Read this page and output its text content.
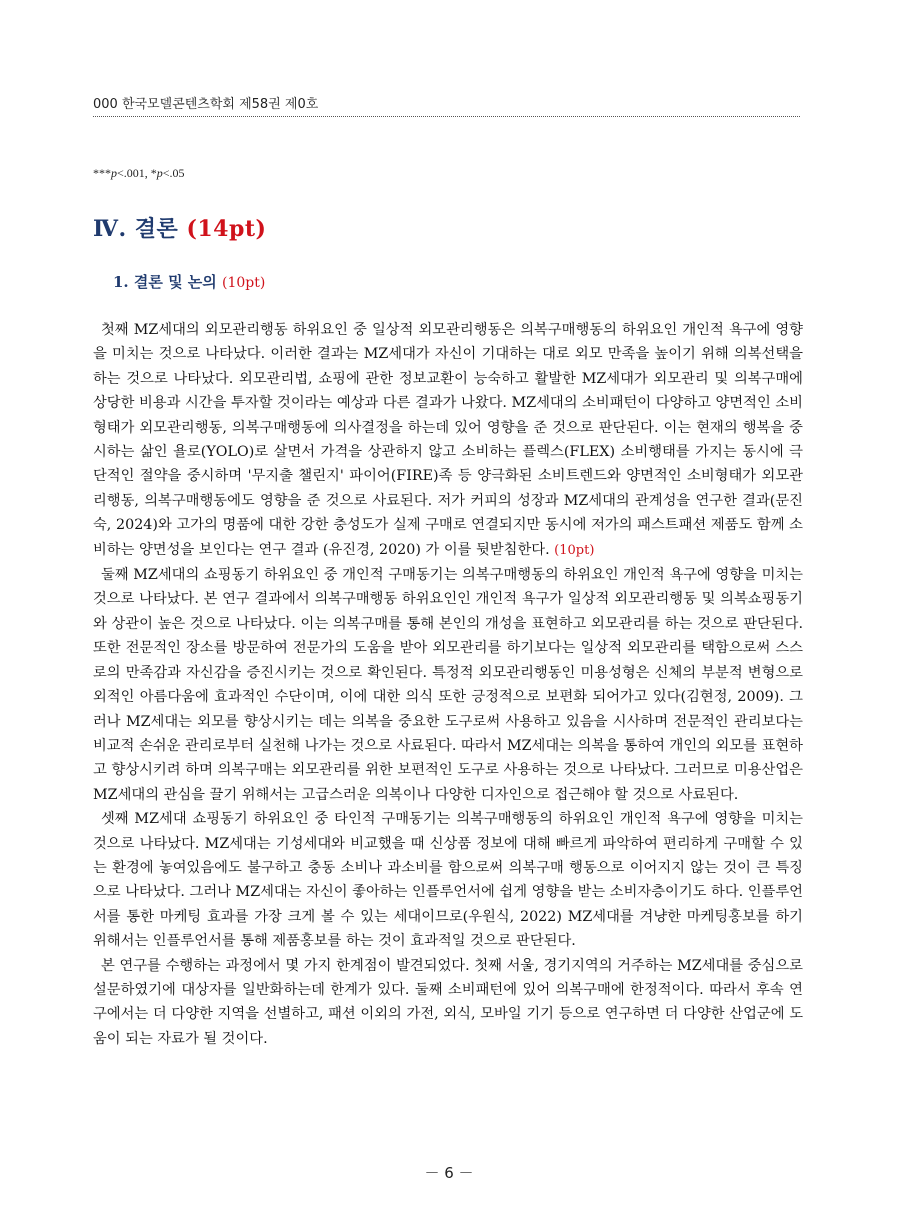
000 한국모델콘텐츠학회 제58권 제0호
***p<.001, *p<.05
Ⅳ. 결론 (14pt)
1. 결론 및 논의 (10pt)

첫째 MZ세대의 외모관리행동 하위요인 중 일상적 외모관리행동은 의복구매행동의 하위요인 개인적 욕구에 영향을 미치는 것으로 나타났다. 이러한 결과는 MZ세대가 자신이 기대하는 대로 외모 만족을 높이기 위해 의복선택을 하는 것으로 나타났다. 외모관리법, 쇼핑에 관한 정보교환이 능숙하고 활발한 MZ세대가 외모관리 및 의복구매에 상당한 비용과 시간을 투자할 것이라는 예상과 다른 결과가 나왔다. MZ세대의 소비패턴이 다양하고 양면적인 소비 형태가 외모관리행동, 의복구매행동에 의사결정을 하는데 있어 영향을 준 것으로 판단된다. 이는 현재의 행복을 중시하는 삶인 욜로(YOLO)로 살면서 가격을 상관하지 않고 소비하는 플렉스(FLEX) 소비행태를 가지는 동시에 극단적인 절약을 중시하며 '무지출 챌린지' 파이어(FIRE)족 등 양극화된 소비트렌드와 양면적인 소비형태가 외모관리행동, 의복구매행동에도 영향을 준 것으로 사료된다. 저가 커피의 성장과 MZ세대의 관계성을 연구한 결과(문진숙, 2024)와 고가의 명품에 대한 강한 충성도가 실제 구매로 연결되지만 동시에 저가의 패스트패션 제품도 함께 소비하는 양면성을 보인다는 연구 결과 (유진경, 2020) 가 이를 뒷받침한다. (10pt)

둘째 MZ세대의 쇼핑동기 하위요인 중 개인적 구매동기는 의복구매행동의 하위요인 개인적 욕구에 영향을 미치는 것으로 나타났다. 본 연구 결과에서 의복구매행동 하위요인인 개인적 욕구가 일상적 외모관리행동 및 의복쇼핑동기와 상관이 높은 것으로 나타났다. 이는 의복구매를 통해 본인의 개성을 표현하고 외모관리를 하는 것으로 판단된다. 또한 전문적인 장소를 방문하여 전문가의 도움을 받아 외모관리를 하기보다는 일상적 외모관리를 택함으로써 스스로의 만족감과 자신감을 증진시키는 것으로 확인된다. 특정적 외모관리행동인 미용성형은 신체의 부분적 변형으로 외적인 아름다움에 효과적인 수단이며, 이에 대한 의식 또한 긍정적으로 보편화 되어가고 있다(김현정, 2009). 그러나 MZ세대는 외모를 향상시키는 데는 의복을 중요한 도구로써 사용하고 있음을 시사하며 전문적인 관리보다는 비교적 손쉬운 관리로부터 실천해 나가는 것으로 사료된다. 따라서 MZ세대는 의복을 통하여 개인의 외모를 표현하고 향상시키려 하며 의복구매는 외모관리를 위한 보편적인 도구로 사용하는 것으로 나타났다. 그러므로 미용산업은 MZ세대의 관심을 끌기 위해서는 고급스러운 의복이나 다양한 디자인으로 접근해야 할 것으로 사료된다.

셋째 MZ세대 쇼핑동기 하위요인 중 타인적 구매동기는 의복구매행동의 하위요인 개인적 욕구에 영향을 미치는 것으로 나타났다. MZ세대는 기성세대와 비교했을 때 신상품 정보에 대해 빠르게 파악하여 편리하게 구매할 수 있는 환경에 놓여있음에도 불구하고 충동 소비나 과소비를 함으로써 의복구매 행동으로 이어지지 않는 것이 큰 특징으로 나타났다. 그러나 MZ세대는 자신이 좋아하는 인플루언서에 쉽게 영향을 받는 소비자층이기도 하다. 인플루언서를 통한 마케팅 효과를 가장 크게 볼 수 있는 세대이므로(우원식, 2022) MZ세대를 겨냥한 마케팅홍보를 하기 위해서는 인플루언서를 통해 제품홍보를 하는 것이 효과적일 것으로 판단된다.

본 연구를 수행하는 과정에서 몇 가지 한계점이 발견되었다. 첫째 서울, 경기지역의 거주하는 MZ세대를 중심으로 설문하였기에 대상자를 일반화하는데 한계가 있다. 둘째 소비패턴에 있어 의복구매에 한정적이다. 따라서 후속 연구에서는 더 다양한 지역을 선별하고, 패션 이외의 가전, 외식, 모바일 기기 등으로 연구하면 더 다양한 산업군에 도움이 되는 자료가 될 것이다.

－ 6 －
